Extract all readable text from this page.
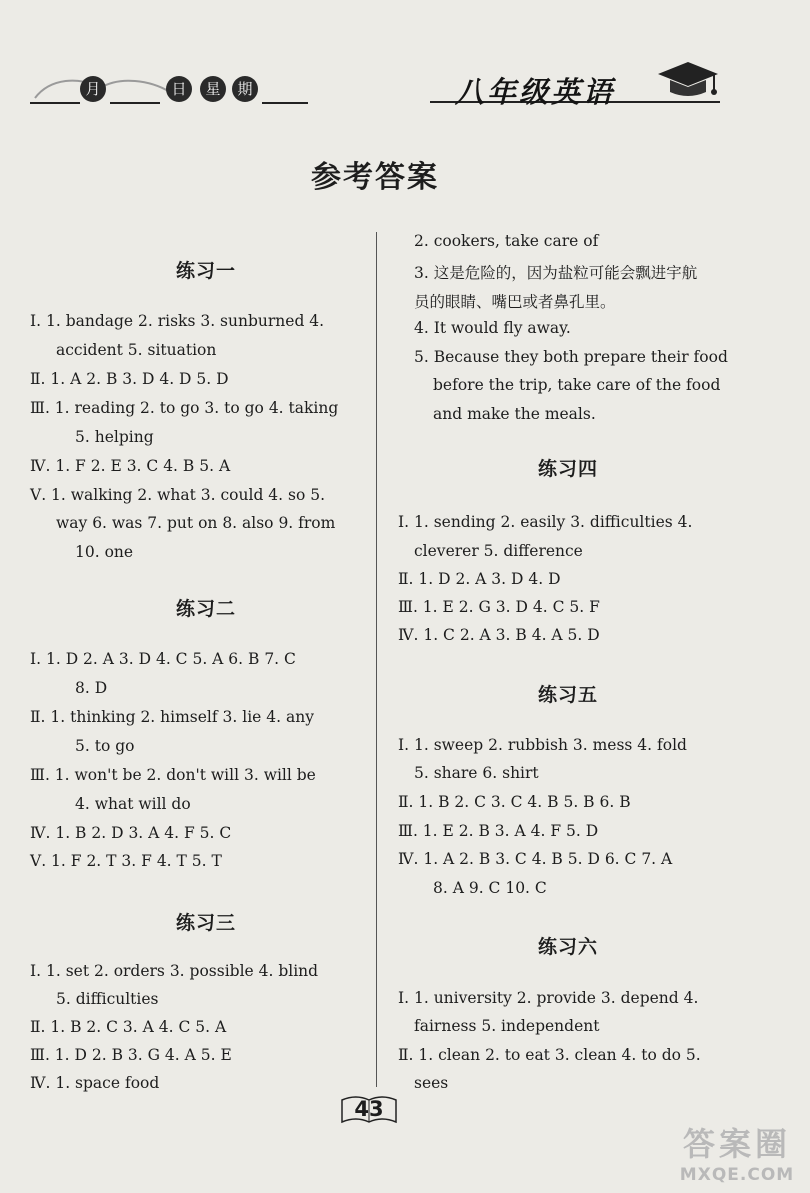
月	日	星	期	八年级英语
参考答案
练习一
Ⅰ. 1. bandage 2. risks 3. sunburned 4.
accident 5. situation
Ⅱ. 1. A 2. B 3. D 4. D 5. D
Ⅲ. 1. reading 2. to go 3. to go 4. taking
5. helping
Ⅳ. 1. F 2. E 3. C 4. B 5. A
Ⅴ. 1. walking 2. what 3. could 4. so 5.
way 6. was 7. put on 8. also 9. from
10. one
练习二
Ⅰ. 1. D 2. A 3. D 4. C 5. A 6. B 7. C
8. D
Ⅱ. 1. thinking 2. himself 3. lie 4. any
5. to go
Ⅲ. 1. won't be 2. don't will 3. will be
4. what will do
Ⅳ. 1. B 2. D 3. A 4. F 5. C
Ⅴ. 1. F 2. T 3. F 4. T 5. T
练习三
Ⅰ. 1. set 2. orders 3. possible 4. blind
5. difficulties
Ⅱ. 1. B 2. C 3. A 4. C 5. A
Ⅲ. 1. D 2. B 3. G 4. A 5. E
Ⅳ. 1. space food
2. cookers, take care of
3. 这是危险的，因为盐粒可能会飘进宇航
员的眼睛、嘴巴或者鼻孔里。
4. It would fly away.
5. Because they both prepare their food
before the trip, take care of the food
and make the meals.
练习四
Ⅰ. 1. sending 2. easily 3. difficulties 4.
cleverer 5. difference
Ⅱ. 1. D 2. A 3. D 4. D
Ⅲ. 1. E 2. G 3. D 4. C 5. F
Ⅳ. 1. C 2. A 3. B 4. A 5. D
练习五
Ⅰ. 1. sweep 2. rubbish 3. mess 4. fold
5. share 6. shirt
Ⅱ. 1. B 2. C 3. C 4. B 5. B 6. B
Ⅲ. 1. E 2. B 3. A 4. F 5. D
Ⅳ. 1. A 2. B 3. C 4. B 5. D 6. C 7. A
8. A 9. C 10. C
练习六
Ⅰ. 1. university 2. provide 3. depend 4.
fairness 5. independent
Ⅱ. 1. clean 2. to eat 3. clean 4. to do 5.
sees
43
答案圈
MXQE.COM
